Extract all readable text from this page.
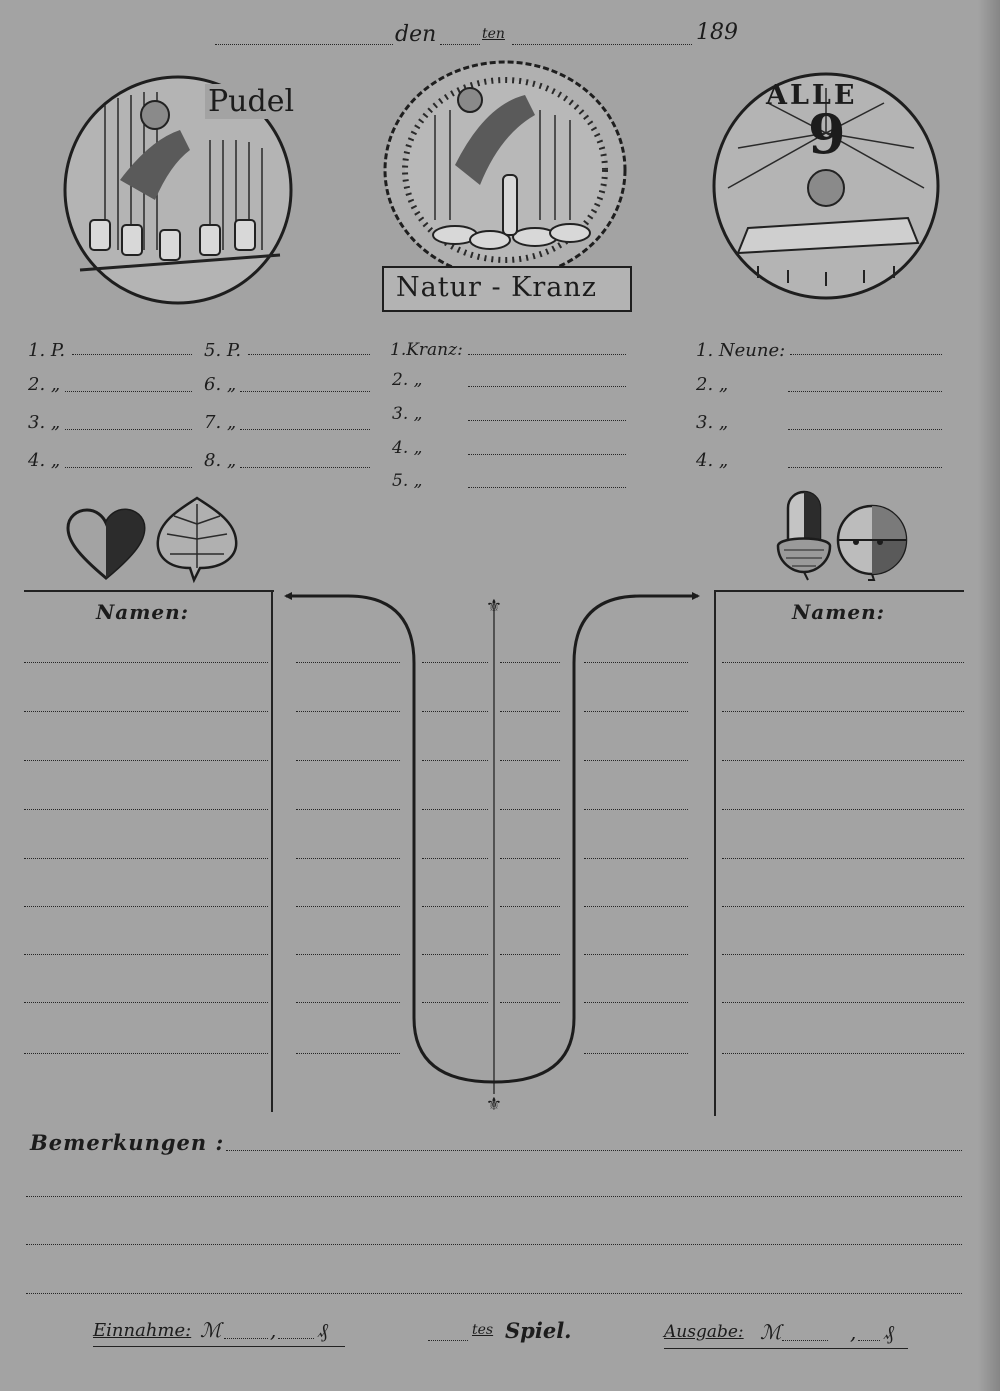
den	ten	189
Pudel
Natur - Kranz
ALLE
9
1. P.
2. „
3. „
4. „
5. P.
6. „
7. „
8. „
1.Kranz:
2. „
3. „
4. „
5. „
1. Neune:
2. „
3. „
4. „
Namen:	⚜
⚜
Namen:
Bemerkungen :
Einnahme: ℳ , ₰	tes Spiel.	Ausgabe: ℳ	, ₰
